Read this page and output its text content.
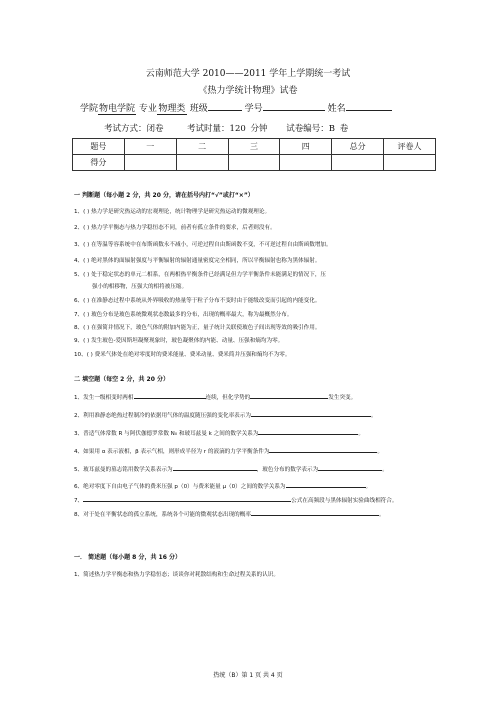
云南师范大学 2010——2011 学年上学期统一考试
《热力学统计物理》试卷
学院物电学院 专业物理类 班级	学号	姓名
考试方式：闭卷	考试时量：120 分钟 试卷编号：B 卷
题号	一	二	三	四	总分	评卷人
得分						
一 判断题（每小题 2 分，共 20 分，请在括号内打“√”或打“×”）
1、( ) 热力学是研究热运动的宏观理论，统计物理学是研究热运动的微观理论。
2、( ) 热力学平衡态与热力学稳恒态不同，前者有孤立条件的要求，后者则没有。
3、( ) 在等温等容系统中在布斯函数永不减小，可逆过程自由斯函数不变，不可逆过程自由斯函数增加。
4、( ) 绝对黑体的面辐射强度与平衡辐射的辐射通量密度完全相同，所以平衡辐射也称为黑体辐射。
5、( ) 处于稳定状态的单元二相系，在两相热平衡条件已经满足但力学平衡条件未能满足的情况下，压
强小的相移物，压强大的相将被压缩。
6、( ) 在准静态过程中系统从外界吸收的热量等于粒子分布不变时由于能级改变而引起的内能变化。
7、( ) 玻色分布是玻色系统微观状态数最多的分布，出现的概率最大，称为最概然分布。
8、( ) 在强简并情况下，玻色气体的附加内能为正，量子统计关联使玻色子间出现等效的吸引作用。
9、( ) 发生玻色-爱因斯坦凝聚现象时，玻色凝聚体的内能、动量、压强和熵均为零。
10、( ) 费米气体处在绝对零度时的费米能量、费米动量、费米简并压强和熵均不为零。
二 填空题（每空 2 分，共 20 分）
1、发生一级相变时两相	连续，但化学势的	发生突变。
2、利用准静态绝热过程制冷的依据用气体的温度随压强的变化率表示为	。
3、普适气体常数 R 与阿伏伽德罗常数 N₀ 和玻耳兹曼 k 之间的数学关系为	。
4、如果用 α 表示液相，β 表示气相，则形成半径为 r 的液滴的力学平衡条件为	。
5、玻耳兹曼的墓志铭用数学关系表示为	，玻色分布的数学表示为	。
6、绝对零度下自由电子气体的费米压强 p（0）与费米能量 μ（0）之间的数学关系为	。
7、	公式在高频段与黑体辐射实验曲线相符合。
8、对于处在平衡状态的孤立系统，系统各个可能的微观状态出现的概率	。
一． 简述题（每小题 8 分，共 16 分）
1、简述热力学平衡态和热力学稳恒态；谈谈你对耗散结构和生命过程关系的认识。
热统（B）第 1 页 共 4 页
